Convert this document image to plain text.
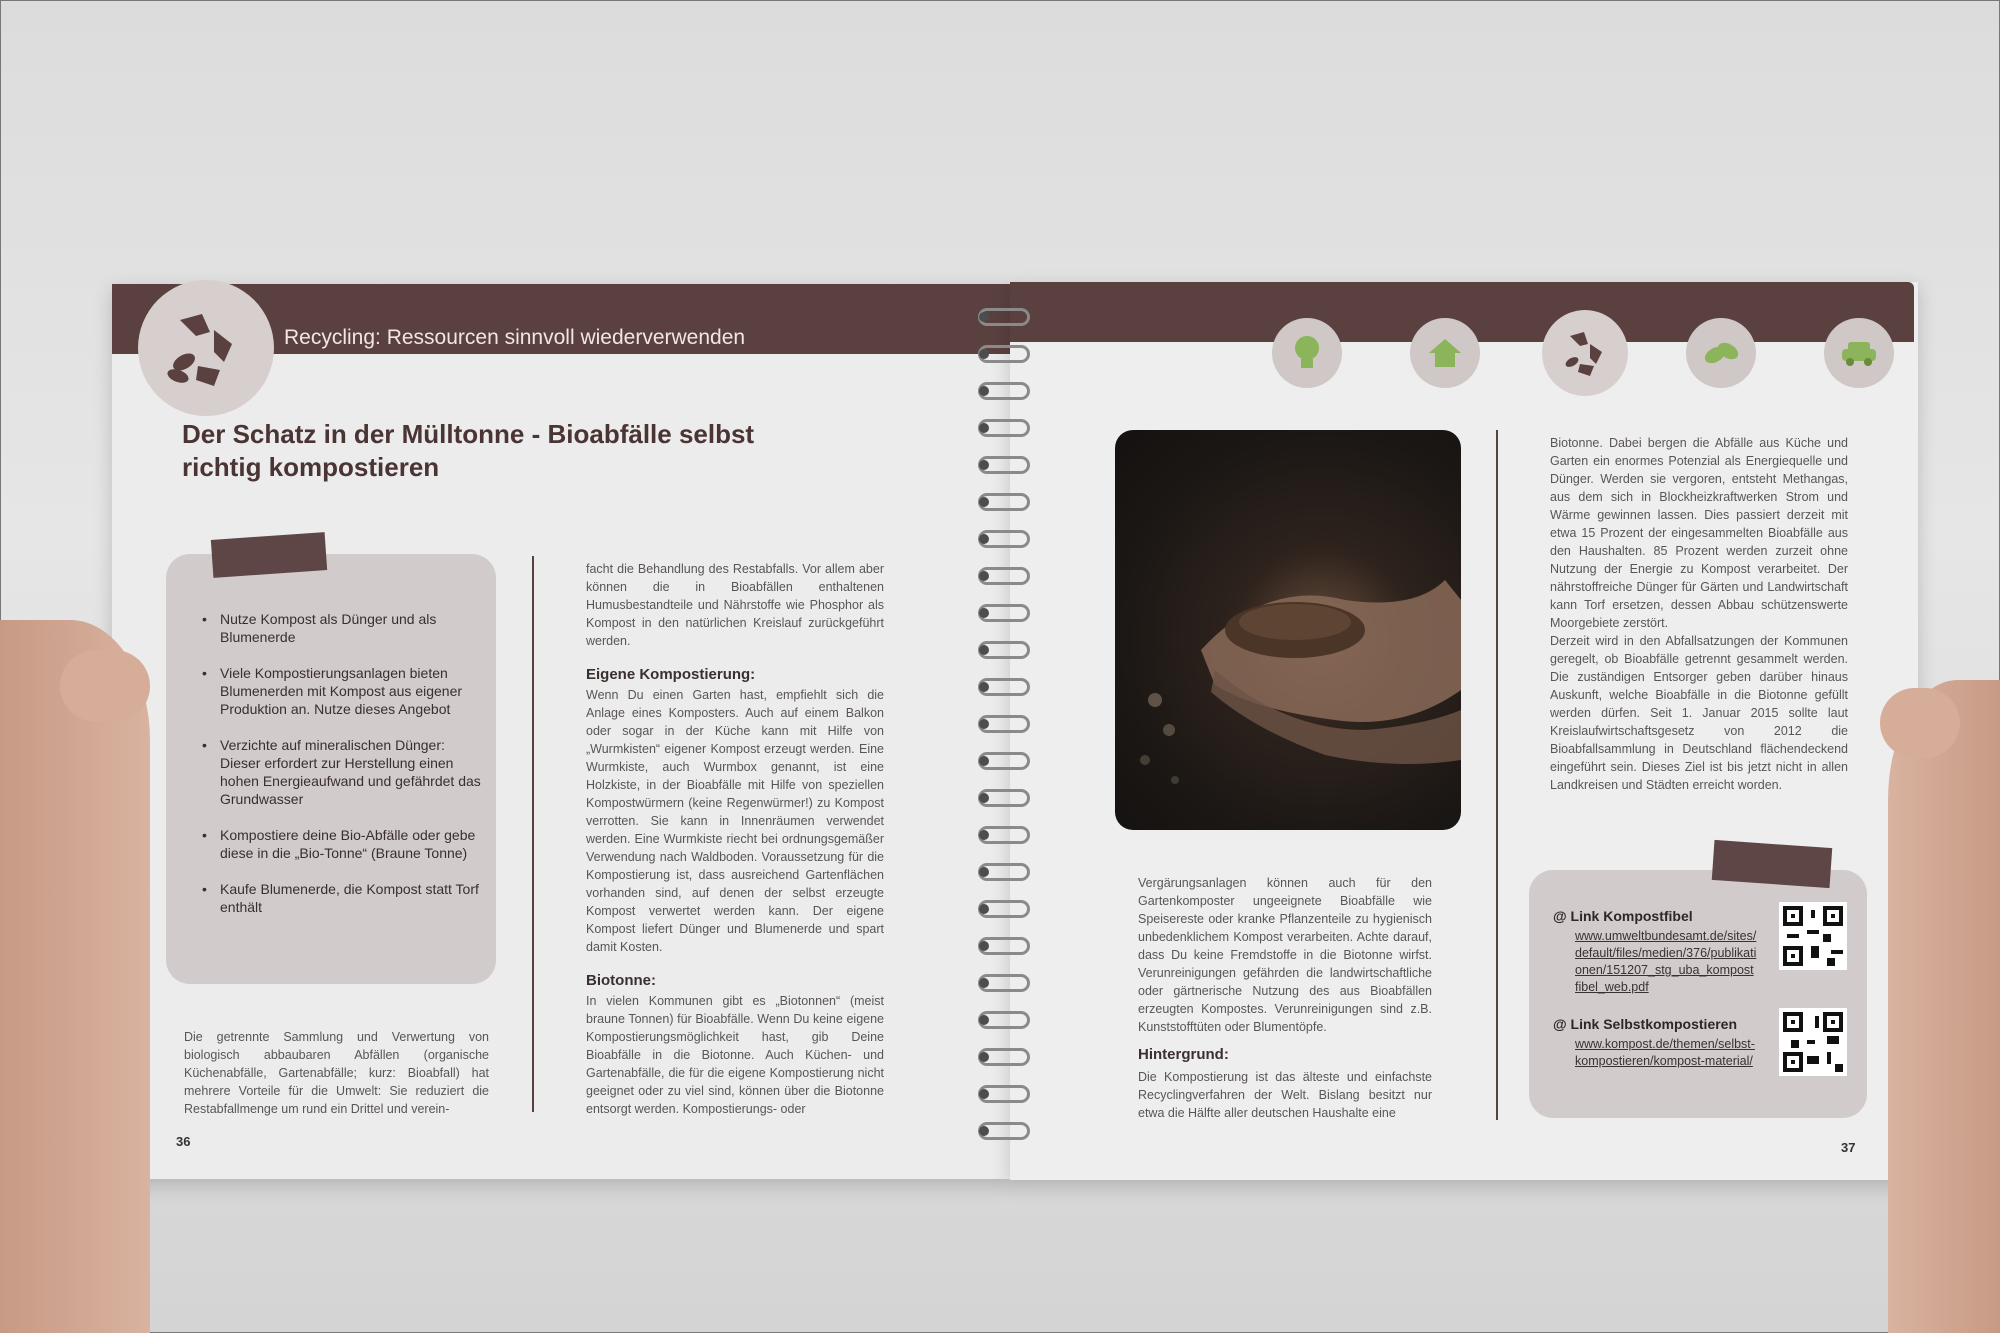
Recycling: Ressourcen sinnvoll wiederverwenden
Der Schatz in der Mülltonne - Bioabfälle selbst
richtig kompostieren
• Nutze Kompost als Dünger und als Blumenerde
• Viele Kompostierungsanlagen bieten Blumenerden mit Kompost aus eigener Produktion an. Nutze dieses Angebot
• Verzichte auf mineralischen Dünger: Dieser erfordert zur Herstellung einen hohen Energieaufwand und gefährdet das Grundwasser
• Kompostiere deine Bio-Abfälle oder gebe diese in die „Bio-Tonne“ (Braune Tonne)
• Kaufe Blumenerde, die Kompost statt Torf enthält
Die getrennte Sammlung und Verwertung von biologisch abbaubaren Abfällen (organische Küchenabfälle, Gartenabfälle; kurz: Bioabfall) hat mehrere Vorteile für die Umwelt: Sie reduziert die Restabfallmenge um rund ein Drittel und verein-
facht die Behandlung des Restabfalls. Vor allem aber können die in Bioabfällen enthaltenen Humusbestandteile und Nährstoffe wie Phosphor als Kompost in den natürlichen Kreislauf zurückgeführt werden.
Eigene Kompostierung:
Wenn Du einen Garten hast, empfiehlt sich die Anlage eines Komposters. Auch auf einem Balkon oder sogar in der Küche kann mit Hilfe von „Wurmkisten“ eigener Kompost erzeugt werden. Eine Wurmkiste, auch Wurmbox genannt, ist eine Holzkiste, in der Bioabfälle mit Hilfe von speziellen Kompostwürmern (keine Regenwürmer!) zu Kompost verrotten. Sie kann in Innenräumen verwendet werden. Eine Wurmkiste riecht bei ordnungsgemäßer Verwendung nach Waldboden. Voraussetzung für die Kompostierung ist, dass ausreichend Gartenflächen vorhanden sind, auf denen der selbst erzeugte Kompost verwertet werden kann. Der eigene Kompost liefert Dünger und Blumenerde und spart damit Kosten.
Biotonne:
In vielen Kommunen gibt es „Biotonnen“ (meist braune Tonnen) für Bioabfälle. Wenn Du keine eigene Kompostierungsmöglichkeit hast, gib Deine Bioabfälle in die Biotonne. Auch Küchen- und Gartenabfälle, die für die eigene Kompostierung nicht geeignet oder zu viel sind, können über die Biotonne entsorgt werden. Kompostierungs- oder
36
Vergärungsanlagen können auch für den Gartenkomposter ungeeignete Bioabfälle wie Speisereste oder kranke Pflanzenteile zu hygienisch unbedenklichem Kompost verarbeiten. Achte darauf, dass Du keine Fremdstoffe in die Biotonne wirfst. Verunreinigungen gefährden die landwirtschaftliche oder gärtnerische Nutzung des aus Bioabfällen erzeugten Kompostes. Verunreinigungen sind z.B. Kunststofftüten oder Blumentöpfe.
Hintergrund:
Die Kompostierung ist das älteste und einfachste Recyclingverfahren der Welt. Bislang besitzt nur etwa die Hälfte aller deutschen Haushalte eine
Biotonne. Dabei bergen die Abfälle aus Küche und Garten ein enormes Potenzial als Energiequelle und Dünger. Werden sie vergoren, entsteht Methangas, aus dem sich in Blockheizkraftwerken Strom und Wärme gewinnen lassen. Dies passiert derzeit mit etwa 15 Prozent der eingesammelten Bioabfälle aus den Haushalten. 85 Prozent werden zurzeit ohne Nutzung der Energie zu Kompost verarbeitet. Der nährstoffreiche Dünger für Gärten und Landwirtschaft kann Torf ersetzen, dessen Abbau schützenswerte Moorgebiete zerstört.
Derzeit wird in den Abfallsatzungen der Kommunen geregelt, ob Bioabfälle getrennt gesammelt werden. Die zuständigen Entsorger geben darüber hinaus Auskunft, welche Bioabfälle in die Biotonne gefüllt werden dürfen. Seit 1. Januar 2015 sollte laut Kreislaufwirtschaftsgesetz von 2012 die Bioabfallsammlung in Deutschland flächendeckend eingeführt sein. Dieses Ziel ist bis jetzt nicht in allen Landkreisen und Städten erreicht worden.
@ Link Kompostfibel
www.umweltbundesamt.de/sites/default/files/medien/376/publikationen/151207_stg_uba_kompostfibel_web.pdf
@ Link Selbstkompostieren
www.kompost.de/themen/selbst-kompostieren/kompost-material/
37
